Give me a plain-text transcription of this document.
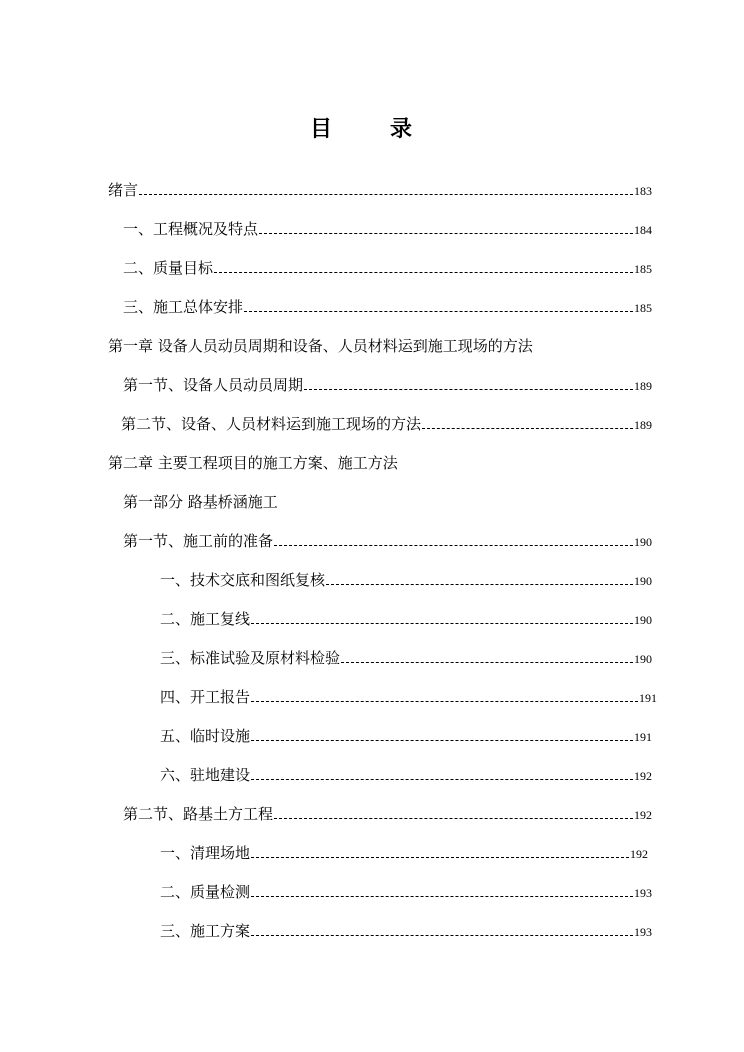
目录
绪言	183
一、工程概况及特点	184
二、质量目标	185
三、施工总体安排	185
第一章 设备人员动员周期和设备、人员材料运到施工现场的方法
第一节、设备人员动员周期	189
第二节、设备、人员材料运到施工现场的方法	189
第二章 主要工程项目的施工方案、施工方法
第一部分 路基桥涵施工
第一节、施工前的准备	190
一、技术交底和图纸复核	190
二、施工复线	190
三、标准试验及原材料检验	190
四、开工报告	191
五、临时设施	191
六、驻地建设	192
第二节、路基土方工程	192
一、清理场地	192
二、质量检测	193
三、施工方案	193
